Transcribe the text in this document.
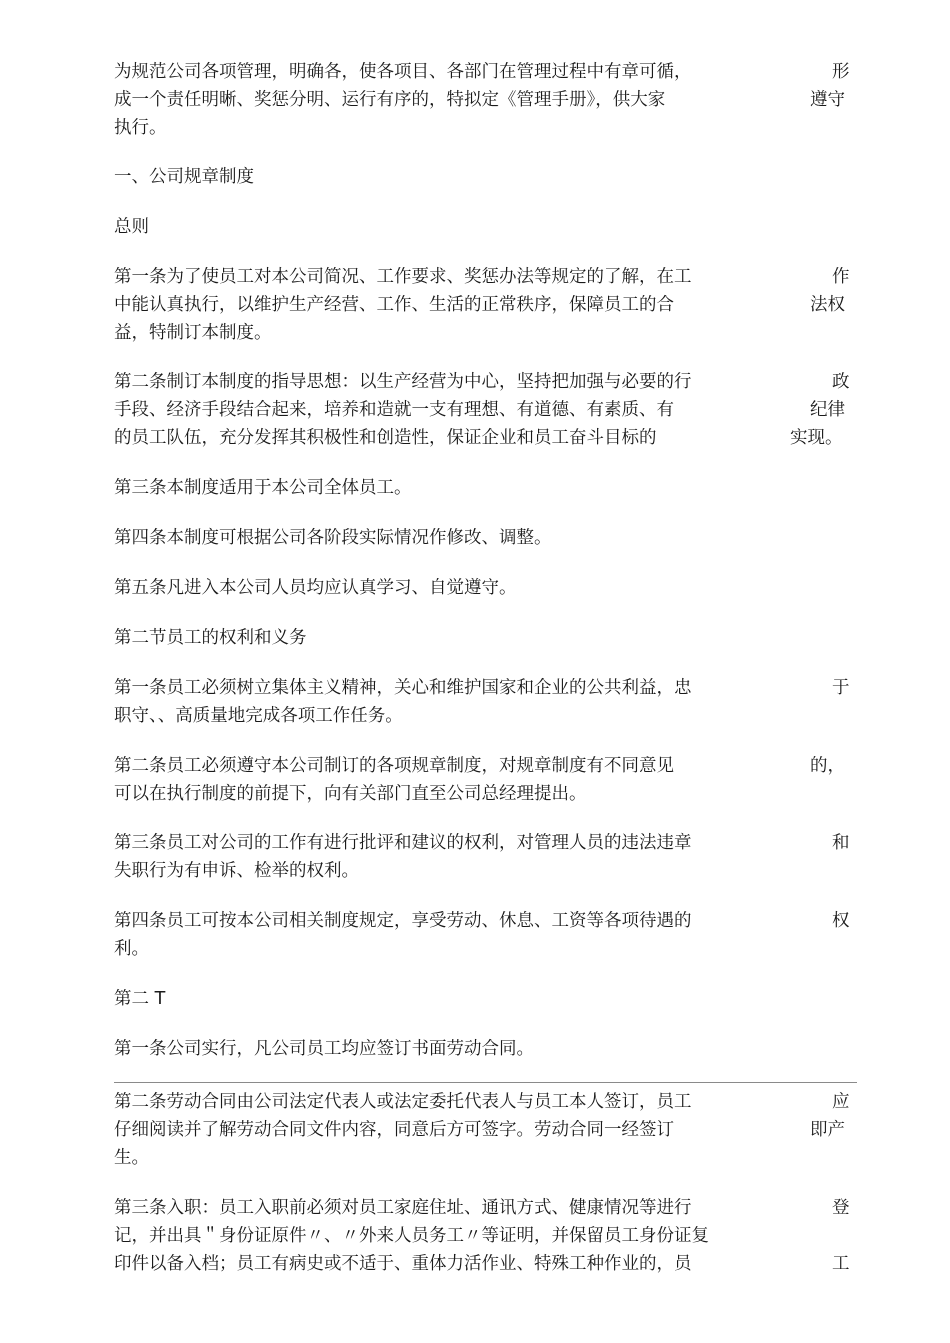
为规范公司各项管理，明确各，使各项目、各部门在管理过程中有章可循，
成一个责任明晰、奖惩分明、运行有序的，特拟定《管理手册》，供大家
执行。
一、公司规章制度
总则
第一条为了使员工对本公司简况、工作要求、奖惩办法等规定的了解，在工
中能认真执行，以维护生产经营、工作、生活的正常秩序，保障员工的合
益，特制订本制度。
第二条制订本制度的指导思想：以生产经营为中心，坚持把加强与必要的行
手段、经济手段结合起来，培养和造就一支有理想、有道德、有素质、有
的员工队伍，充分发挥其积极性和创造性，保证企业和员工奋斗目标的
第三条本制度适用于本公司全体员工。
第四条本制度可根据公司各阶段实际情况作修改、调整。
第五条凡进入本公司人员均应认真学习、自觉遵守。
第二节员工的权利和义务
第一条员工必须树立集体主义精神，关心和维护国家和企业的公共利益，忠
职守、、高质量地完成各项工作任务。
第二条员工必须遵守本公司制订的各项规章制度，对规章制度有不同意见
可以在执行制度的前提下，向有关部门直至公司总经理提出。
第三条员工对公司的工作有进行批评和建议的权利，对管理人员的违法违章
失职行为有申诉、检举的权利。
第四条员工可按本公司相关制度规定，享受劳动、休息、工资等各项待遇的
利。
第二 T
第一条公司实行，凡公司员工均应签订书面劳动合同。
第二条劳动合同由公司法定代表人或法定委托代表人与员工本人签订，员工
仔细阅读并了解劳动合同文件内容，同意后方可签字。劳动合同一经签订
生。
第三条入职：员工入职前必须对员工家庭住址、通讯方式、健康情况等进行
记，并出具＂身份证原件〃、〃外来人员务工〃等证明，并保留员工身份证复
印件以备入档；员工有病史或不适于、重体力活作业、特殊工种作业的，员
形
遵守
作
法权
政
纪律
实现。
于
的，
和
权
应
即产
登
工
